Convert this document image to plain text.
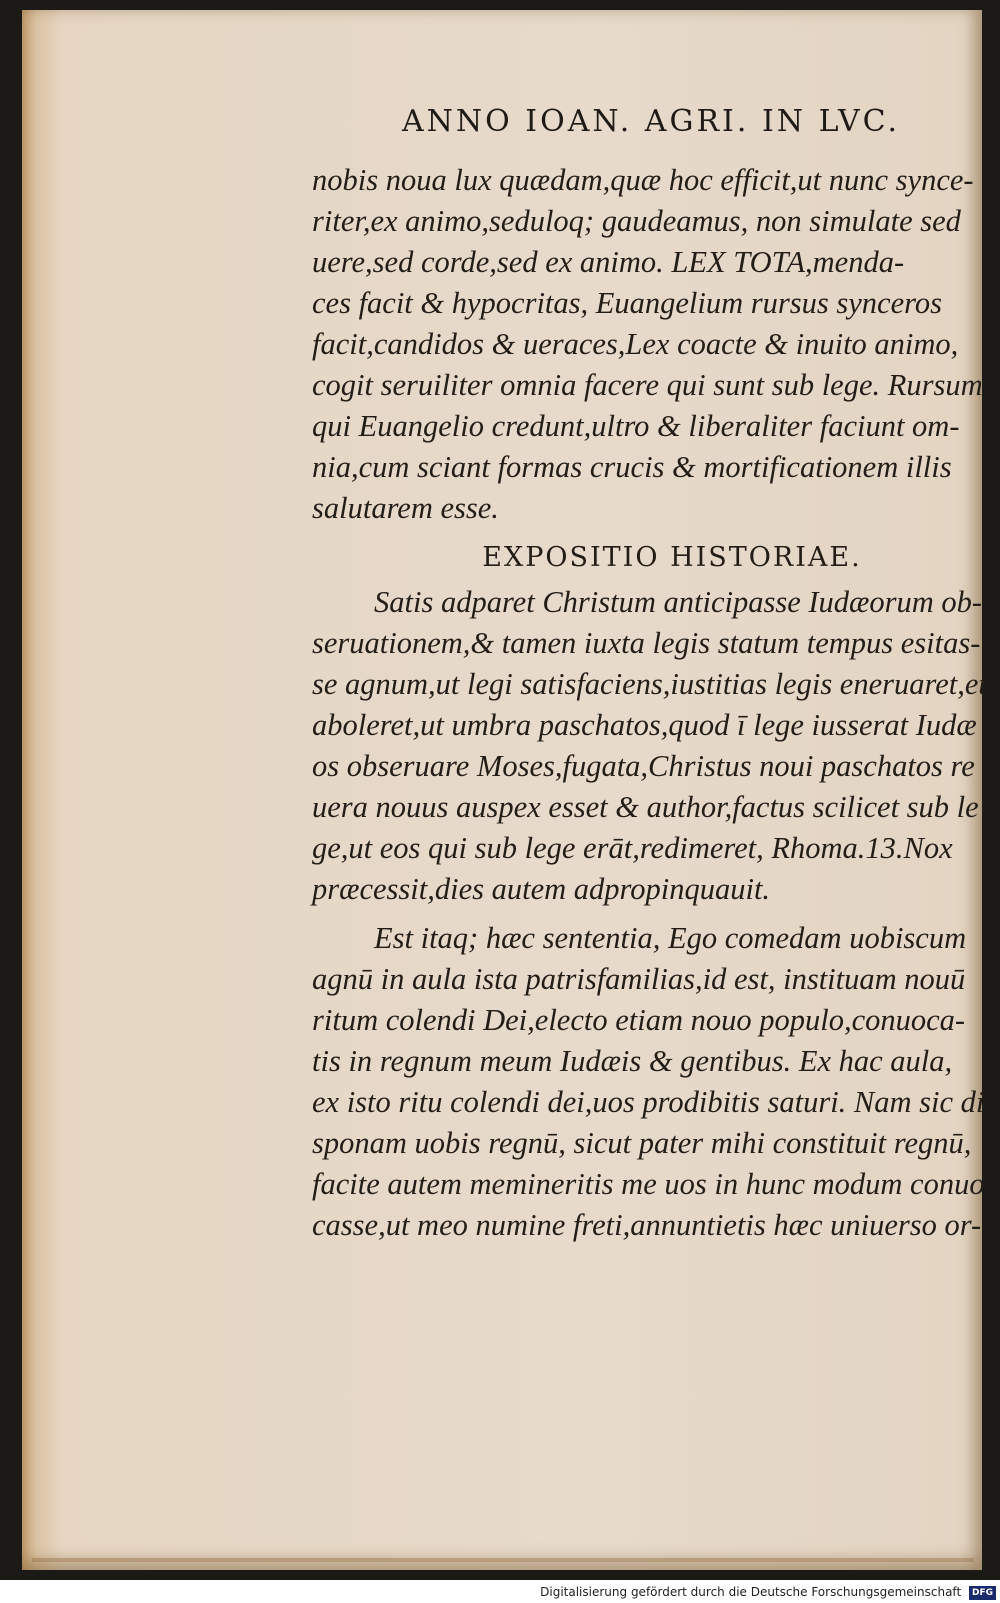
ANNO IOAN. AGRI. IN LVC.
nobis noua lux quædam,quæ hoc efficit,ut nunc synce-
riter,ex animo,seduloq; gaudeamus, non simulate sed
uere,sed corde,sed ex animo. LEX TOTA,menda-
ces facit & hypocritas, Euangelium rursus synceros
facit,candidos & ueraces,Lex coacte & inuito animo,
cogit seruiliter omnia facere qui sunt sub lege. Rursum
qui Euangelio credunt,ultro & liberaliter faciunt om-
nia,cum sciant formas crucis & mortificationem illis
salutarem esse.
EXPOSITIO HISTORIAE.
Satis adparet Christum anticipasse Iudæorum ob-
seruationem,& tamen iuxta legis statum tempus esitas-
se agnum,ut legi satisfaciens,iustitias legis eneruaret,et
aboleret,ut umbra paschatos,quod ī lege iusserat Iudæ
os obseruare Moses,fugata,Christus noui paschatos re
uera nouus auspex esset & author,factus scilicet sub le
ge,ut eos qui sub lege erāt,redimeret, Rhoma.13.Nox
præcessit,dies autem adpropinquauit.
Est itaq; hæc sententia, Ego comedam uobiscum
agnū in aula ista patrisfamilias,id est, instituam nouū
ritum colendi Dei,electo etiam nouo populo,conuoca-
tis in regnum meum Iudæis & gentibus. Ex hac aula,
ex isto ritu colendi dei,uos prodibitis saturi. Nam sic di
sponam uobis regnū, sicut pater mihi constituit regnū,
facite autem memineritis me uos in hunc modum conuo
casse,ut meo numine freti,annuntietis hæc uniuerso or-
Digitalisierung gefördert durch die Deutsche Forschungsgemeinschaft DFG
